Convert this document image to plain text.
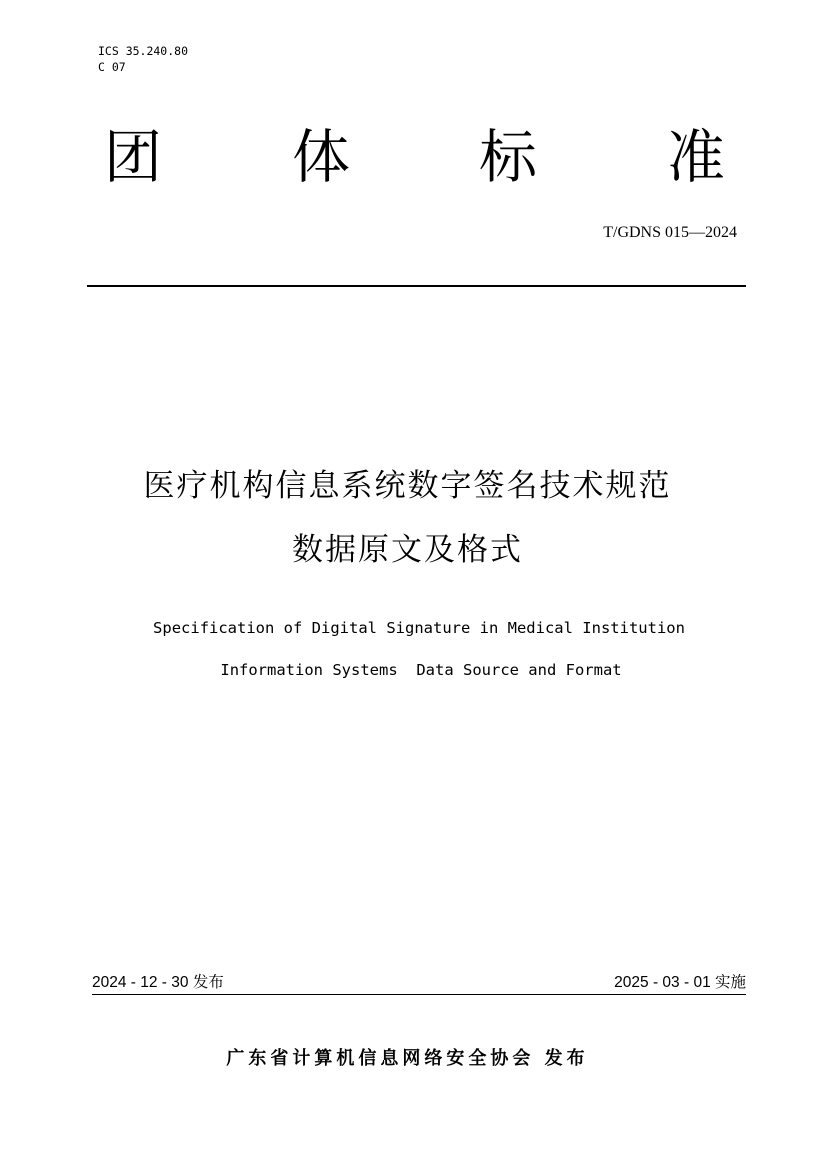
ICS 35.240.80
C 07
团 体 标 准
T/GDNS 015—2024
医疗机构信息系统数字签名技术规范
数据原文及格式
Specification of Digital Signature in Medical Institution
Information Systems  Data Source and Format
2024 - 12 - 30 发布	2025 - 03 - 01 实施
广东省计算机信息网络安全协会 发布
